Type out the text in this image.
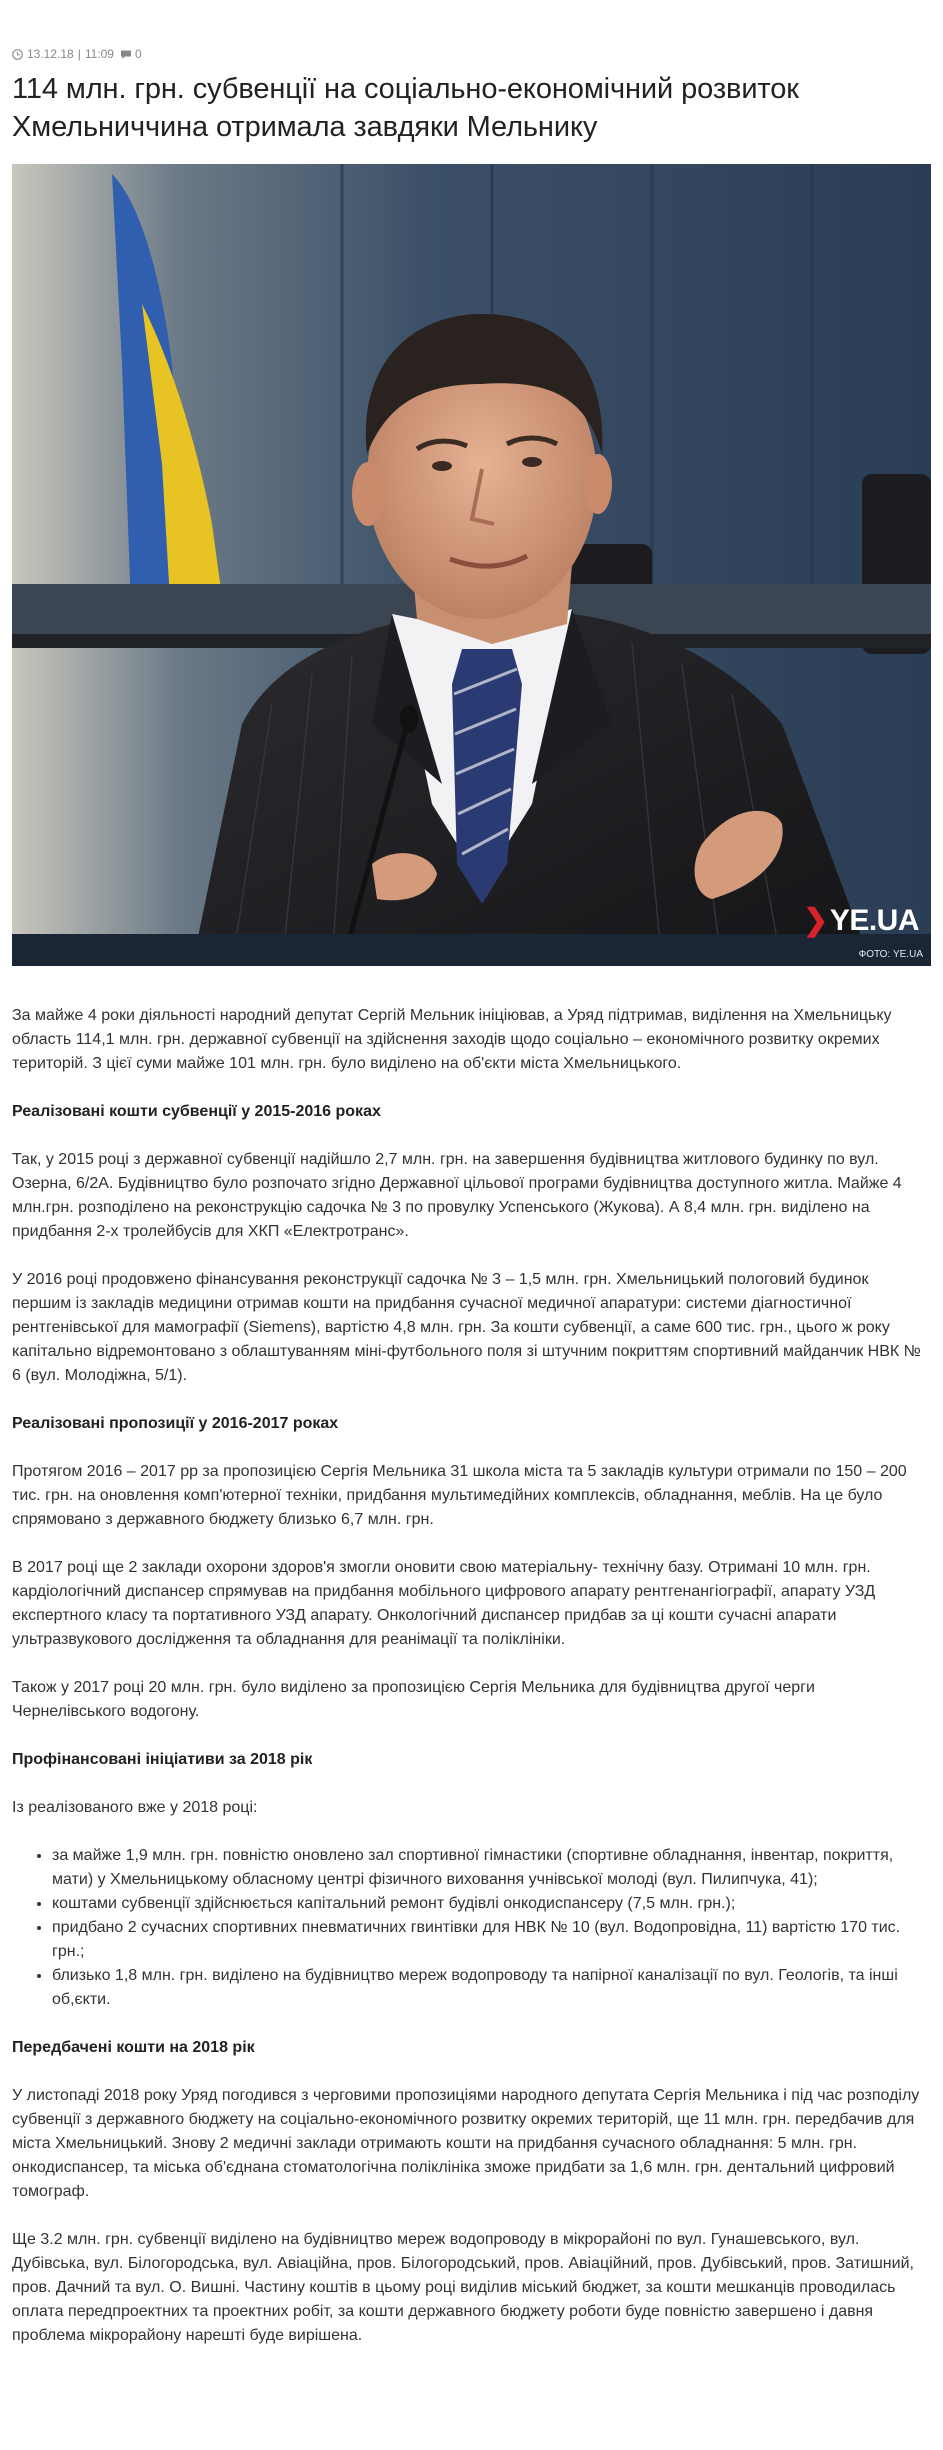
13.12.18 | 11:09 0
114 млн. грн. субвенції на соціально-економічний розвиток Хмельниччина отримала завдяки Мельнику
❯YE.UA
ФОТО: YE.UA

За майже 4 роки діяльності народний депутат Сергій Мельник ініціював, а Уряд підтримав, виділення на Хмельницьку область 114,1 млн. грн. державної субвенції на здійснення заходів щодо соціально – економічного розвитку окремих територій. З цієї суми майже 101 млн. грн. було виділено на об'єкти міста Хмельницького.

Реалізовані кошти субвенції у 2015-2016 роках

Так, у 2015 році з державної субвенції надійшло 2,7 млн. грн. на завершення будівництва житлового будинку по вул. Озерна, 6/2А. Будівництво було розпочато згідно Державної цільової програми будівництва доступного житла. Майже 4 млн.грн. розподілено на реконструкцію садочка № 3 по провулку Успенського (Жукова). А 8,4 млн. грн. виділено на придбання 2-х тролейбусів для ХКП «Електротранс».

У 2016 році продовжено фінансування реконструкції садочка № 3 – 1,5 млн. грн. Хмельницький пологовий будинок першим із закладів медицини отримав кошти на придбання сучасної медичної апаратури: системи діагностичної рентгенівської для мамографії (Siemens), вартістю 4,8 млн. грн. За кошти субвенції, а саме 600 тис. грн., цього ж року капітально відремонтовано з облаштуванням міні-футбольного поля зі штучним покриттям спортивний майданчик НВК № 6 (вул. Молодіжна, 5/1).

Реалізовані пропозиції у 2016-2017 роках

Протягом 2016 – 2017 рр за пропозицією Сергія Мельника 31 школа міста та 5 закладів культури отримали по 150 – 200 тис. грн. на оновлення комп'ютерної техніки, придбання мультимедійних комплексів, обладнання, меблів. На це було спрямовано з державного бюджету близько 6,7 млн. грн.

В 2017 році ще 2 заклади охорони здоров'я змогли оновити свою матеріальну- технічну базу. Отримані 10 млн. грн. кардіологічний диспансер спрямував на придбання мобільного цифрового апарату рентгенангіографії, апарату УЗД експертного класу та портативного УЗД апарату. Онкологічний диспансер придбав за ці кошти сучасні апарати ультразвукового дослідження та обладнання для реанімації та поліклініки.

Також у 2017 році 20 млн. грн. було виділено за пропозицією Сергія Мельника для будівництва другої черги Чернелівського водогону.

Профінансовані ініціативи за 2018 рік

Із реалізованого вже у 2018 році:

• за майже 1,9 млн. грн. повністю оновлено зал спортивної гімнастики (спортивне обладнання, інвентар, покриття, мати) у Хмельницькому обласному центрі фізичного виховання учнівської молоді (вул. Пилипчука, 41);
• коштами субвенції здійснюється капітальний ремонт будівлі онкодиспансеру (7,5 млн. грн.);
• придбано 2 сучасних спортивних пневматичних гвинтівки для НВК № 10 (вул. Водопровідна, 11) вартістю 170 тис. грн.;
• близько 1,8 млн. грн. виділено на будівництво мереж водопроводу та напірної каналізації по вул. Геологів, та інші об,єкти.
Передбачені кошти на 2018 рік

У листопаді 2018 року Уряд погодився з черговими пропозиціями народного депутата Сергія Мельника і під час розподілу субвенції з державного бюджету на соціально-економічного розвитку окремих територій, ще 11 млн. грн. передбачив для міста Хмельницький. Знову 2 медичні заклади отримають кошти на придбання сучасного обладнання: 5 млн. грн. онкодиспансер, та міська об'єднана стоматологічна поліклініка зможе придбати за 1,6 млн. грн. дентальний цифровий томограф.

Ще 3.2 млн. грн. субвенції виділено на будівництво мереж водопроводу в мікрорайоні по вул. Гунашевського, вул. Дубівська, вул. Білогородська, вул. Авіаційна, пров. Білогородський, пров. Авіаційний, пров. Дубівський, пров. Затишний, пров. Дачний та вул. О. Вишні. Частину коштів в цьому році виділив міський бюджет, за кошти мешканців проводилась оплата передпроектних та проектних робіт, за кошти державного бюджету роботи буде повністю завершено і давня проблема мікрорайону нарешті буде вирішена.
